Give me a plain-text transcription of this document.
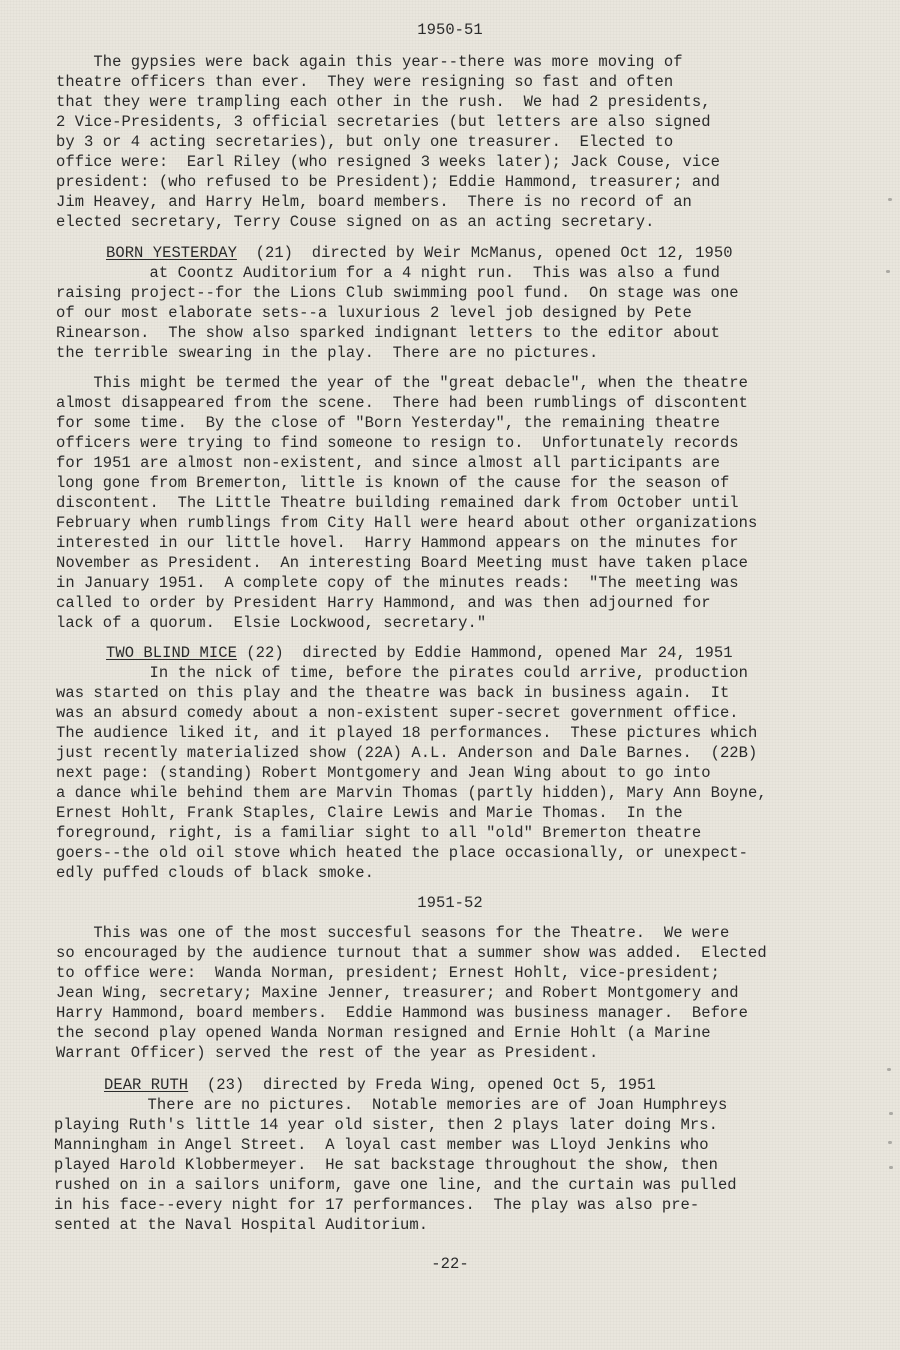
1950-51
The gypsies were back again this year--there was more moving of
theatre officers than ever.  They were resigning so fast and often
that they were trampling each other in the rush.  We had 2 presidents,
2 Vice-Presidents, 3 official secretaries (but letters are also signed
by 3 or 4 acting secretaries), but only one treasurer.  Elected to
office were:  Earl Riley (who resigned 3 weeks later); Jack Couse, vice
president: (who refused to be President); Eddie Hammond, treasurer; and
Jim Heavey, and Harry Helm, board members.  There is no record of an
elected secretary, Terry Couse signed on as an acting secretary.
BORN YESTERDAY  (21)  directed by Weir McManus, opened Oct 12, 1950
at Coontz Auditorium for a 4 night run.  This was also a fund
raising project--for the Lions Club swimming pool fund.  On stage was one
of our most elaborate sets--a luxurious 2 level job designed by Pete
Rinearson.  The show also sparked indignant letters to the editor about
the terrible swearing in the play.  There are no pictures.
This might be termed the year of the "great debacle", when the theatre
almost disappeared from the scene.  There had been rumblings of discontent
for some time.  By the close of "Born Yesterday", the remaining theatre
officers were trying to find someone to resign to.  Unfortunately records
for 1951 are almost non-existent, and since almost all participants are
long gone from Bremerton, little is known of the cause for the season of
discontent.  The Little Theatre building remained dark from October until
February when rumblings from City Hall were heard about other organizations
interested in our little hovel.  Harry Hammond appears on the minutes for
November as President.  An interesting Board Meeting must have taken place
in January 1951.  A complete copy of the minutes reads:  "The meeting was
called to order by President Harry Hammond, and was then adjourned for
lack of a quorum.  Elsie Lockwood, secretary."
TWO BLIND MICE (22)  directed by Eddie Hammond, opened Mar 24, 1951
In the nick of time, before the pirates could arrive, production
was started on this play and the theatre was back in business again.  It
was an absurd comedy about a non-existent super-secret government office.
The audience liked it, and it played 18 performances.  These pictures which
just recently materialized show (22A) A.L. Anderson and Dale Barnes.  (22B)
next page: (standing) Robert Montgomery and Jean Wing about to go into
a dance while behind them are Marvin Thomas (partly hidden), Mary Ann Boyne,
Ernest Hohlt, Frank Staples, Claire Lewis and Marie Thomas.  In the
foreground, right, is a familiar sight to all "old" Bremerton theatre
goers--the old oil stove which heated the place occasionally, or unexpect-
edly puffed clouds of black smoke.
1951-52
This was one of the most succesful seasons for the Theatre.  We were
so encouraged by the audience turnout that a summer show was added.  Elected
to office were:  Wanda Norman, president; Ernest Hohlt, vice-president;
Jean Wing, secretary; Maxine Jenner, treasurer; and Robert Montgomery and
Harry Hammond, board members.  Eddie Hammond was business manager.  Before
the second play opened Wanda Norman resigned and Ernie Hohlt (a Marine
Warrant Officer) served the rest of the year as President.
DEAR RUTH  (23)  directed by Freda Wing, opened Oct 5, 1951
There are no pictures.  Notable memories are of Joan Humphreys
playing Ruth's little 14 year old sister, then 2 plays later doing Mrs.
Manningham in Angel Street.  A loyal cast member was Lloyd Jenkins who
played Harold Klobbermeyer.  He sat backstage throughout the show, then
rushed on in a sailors uniform, gave one line, and the curtain was pulled
in his face--every night for 17 performances.  The play was also pre-
sented at the Naval Hospital Auditorium.
-22-
